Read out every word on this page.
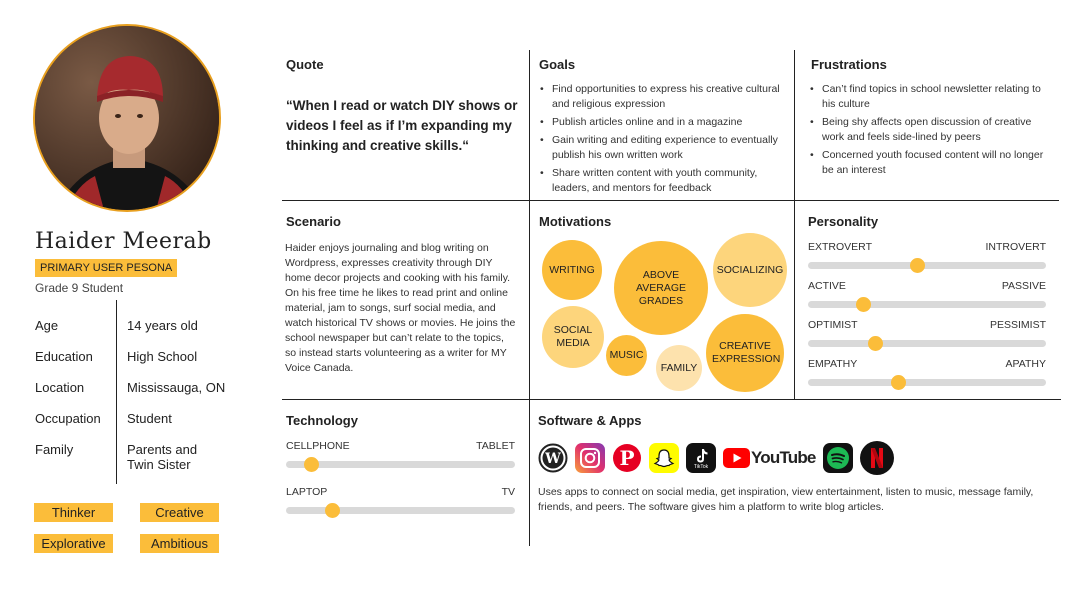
Haider Meerab
PRIMARY USER PESONA
Grade 9 Student
Age	14 years old
Education	High School
Location	Mississauga, ON
Occupation Student
Family	Parents and
Twin Sister
Thinker	Creative
Explorative	Ambitious
Quote
“When I read or watch DIY shows or videos I feel as if I’m expanding my thinking and creative skills.“
Goals
• Find opportunities to express his creative cultural and religious expression
• Publish articles online and in a magazine
• Gain writing and editing experience to eventually publish his own written work
• Share written content with youth community, leaders, and mentors for feedback
Frustrations
• Can’t find topics in school newsletter relating to his culture
• Being shy affects open discussion of creative work and feels side-lined by peers
• Concerned youth focused content will no longer be an interest
Scenario
Haider enjoys journaling and blog writing on Wordpress, expresses creativity through DIY home decor projects and cooking with his family. On his free time he likes to read print and online material, jam to songs, surf social media, and watch historical TV shows or movies. He joins the school newspaper but can’t relate to the topics, so instead starts volunteering as a writer for MY Voice Canada.
Motivations
WRITING	ABOVE AVERAGE GRADES
SOCIALIZING
SOCIAL MEDIA
MUSIC
FAMILY
CREATIVE EXPRESSION
Personality
EXTROVERT	INTROVERT
ACTIVE	PASSIVE
OPTIMIST	PESSIMIST
EMPATHY	APATHY
Technology
CELLPHONE	TABLET
LAPTOP	TV
Software & Apps
W	P	TikTok	YouTube
Uses apps to connect on social media, get inspiration, view entertainment, listen to music, message family, friends, and peers. The software gives him a platform to write blog articles.
